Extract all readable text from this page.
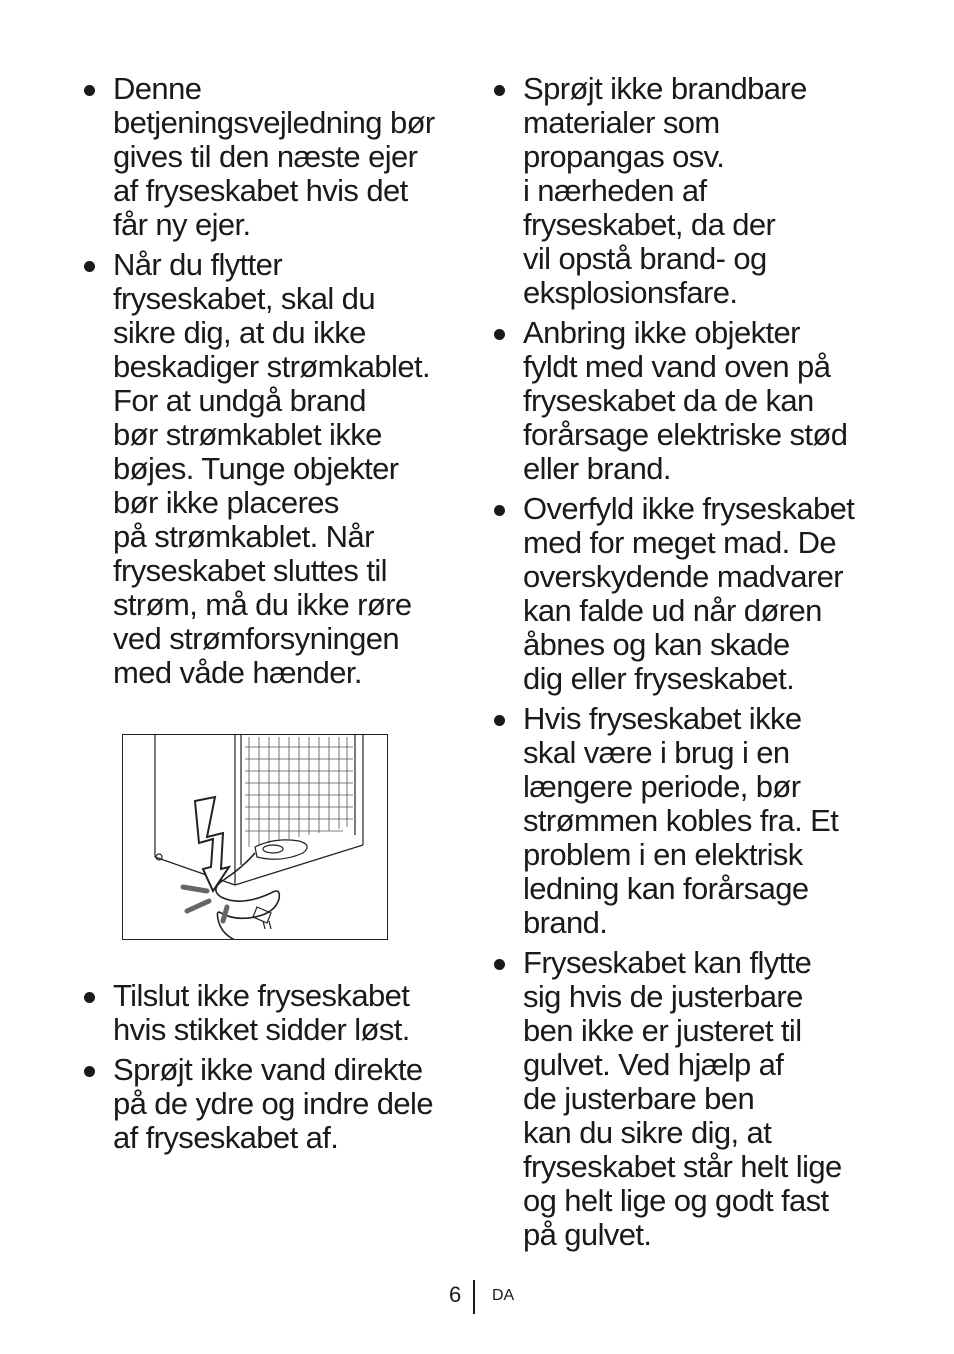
Denne
betjeningsvejledning bør
gives til den næste ejer
af fryseskabet hvis det
får ny ejer.
Når du flytter
fryseskabet, skal du
sikre dig, at du ikke
beskadiger strømkablet.
For at undgå brand
bør strømkablet ikke
bøjes. Tunge objekter
bør ikke placeres
på strømkablet. Når
fryseskabet sluttes til
strøm, må du ikke røre
ved strømforsyningen
med våde hænder.
Tilslut ikke fryseskabet
hvis stikket sidder løst.
Sprøjt ikke vand direkte
på de ydre og indre dele
af fryseskabet af.
Sprøjt ikke brandbare
materialer som
propangas osv.
i nærheden af
fryseskabet, da der
vil opstå brand- og
eksplosionsfare.
Anbring ikke objekter
fyldt med vand oven på
fryseskabet da de kan
forårsage elektriske stød
eller brand.
Overfyld ikke fryseskabet
med for meget mad. De
overskydende madvarer
kan falde ud når døren
åbnes og kan skade
dig eller fryseskabet.
Hvis fryseskabet ikke
skal være i brug i en
længere periode, bør
strømmen kobles fra. Et
problem i en elektrisk
ledning kan forårsage
brand.
Fryseskabet kan flytte
sig hvis de justerbare
ben ikke er justeret til
gulvet. Ved hjælp af
de justerbare ben
kan du sikre dig, at
fryseskabet står helt lige
og helt lige og godt fast
på gulvet.
6 DA
